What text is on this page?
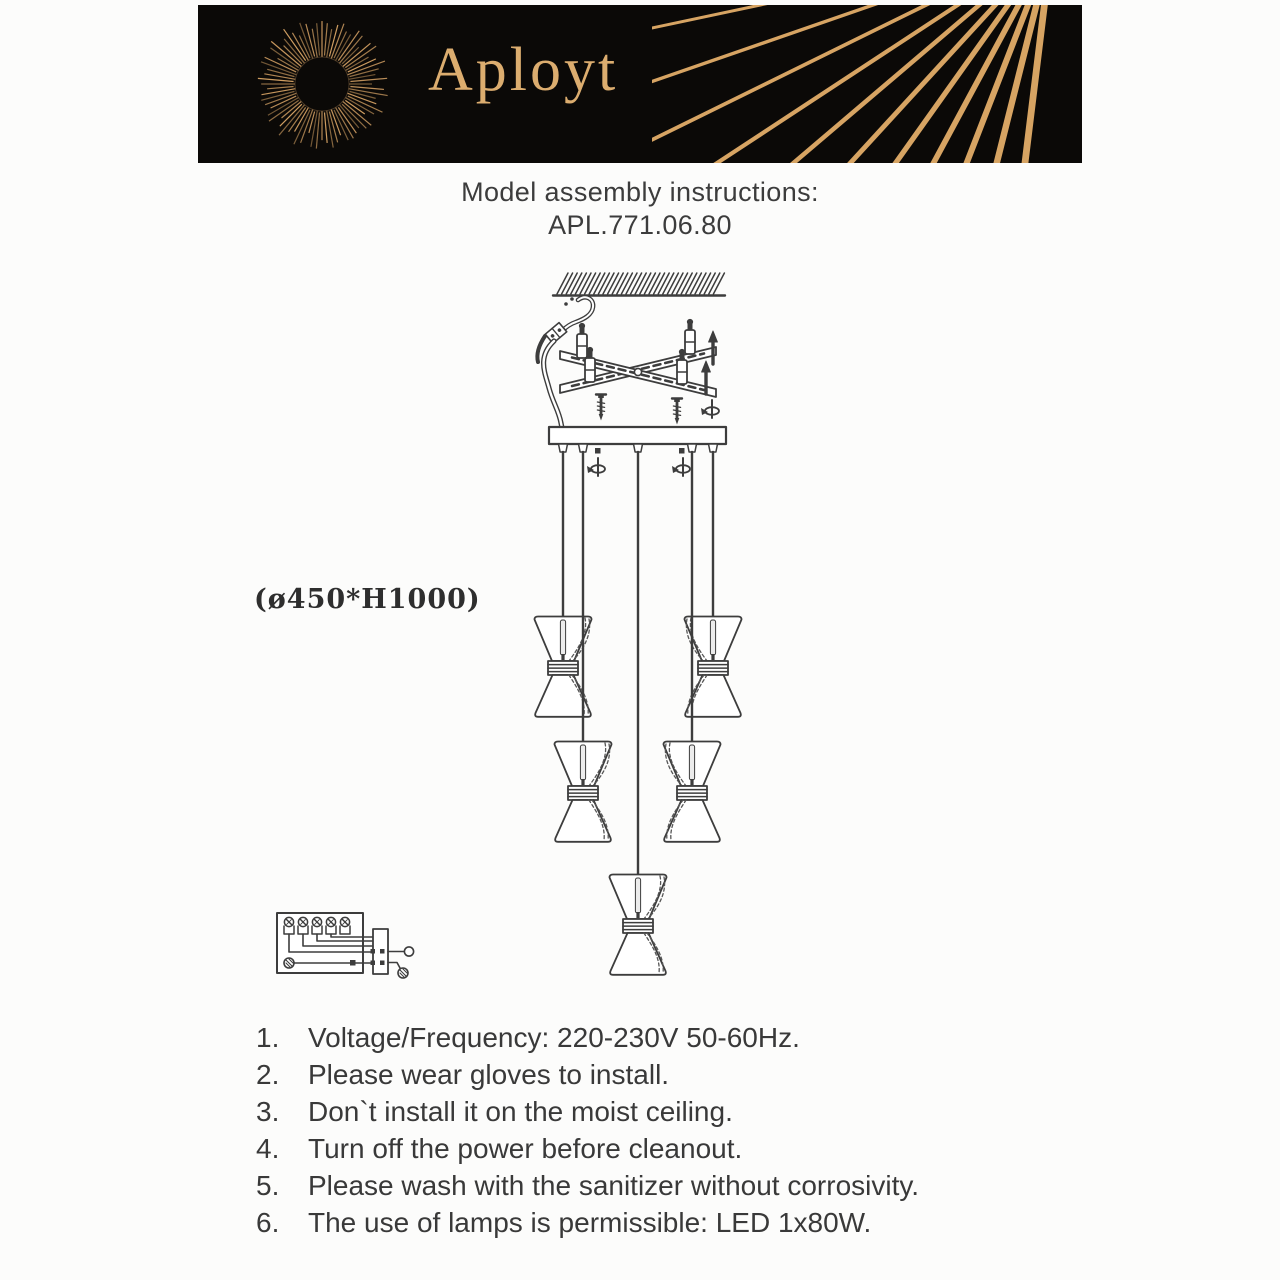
Aployt
Model assembly instructions:
APL.771.06.80
(ø450*H1000)
1.	Voltage/Frequency: 220-230V 50-60Hz.
2.	Please wear gloves to install.
3.	Don`t install it on the moist ceiling.
4.	Turn off the power before cleanout.
5.	Please wash with the sanitizer without corrosivity.
6.	The use of lamps is permissible: LED 1x80W.
